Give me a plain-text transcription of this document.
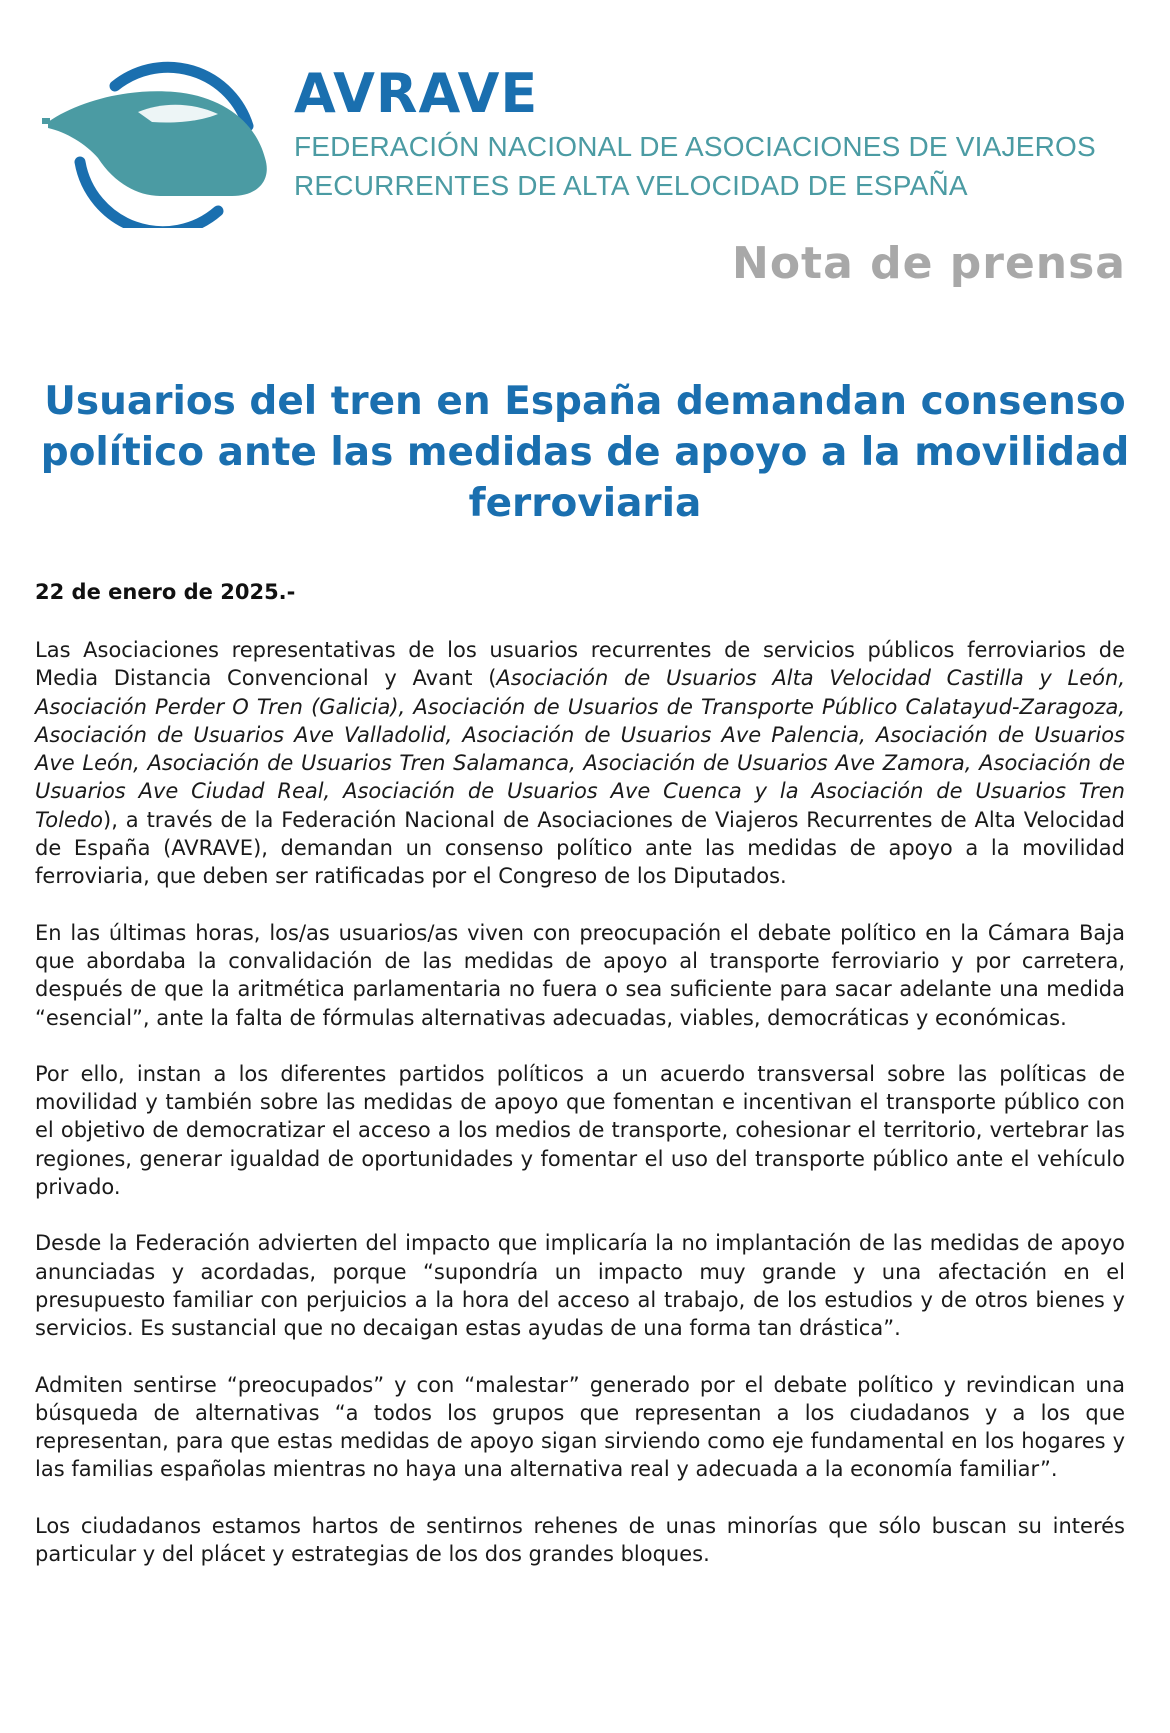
AVRAVE
FEDERACIÓN NACIONAL DE ASOCIACIONES DE VIAJEROS
RECURRENTES DE ALTA VELOCIDAD DE ESPAÑA
Nota de prensa
Usuarios del tren en España demandan consenso político ante las medidas de apoyo a la movilidad ferroviaria
22 de enero de 2025.-

Las Asociaciones representativas de los usuarios recurrentes de servicios públicos ferroviarios de Media Distancia Convencional y Avant (Asociación de Usuarios Alta Velocidad Castilla y León, Asociación Perder O Tren (Galicia), Asociación de Usuarios de Transporte Público Calatayud-Zaragoza, Asociación de Usuarios Ave Valladolid, Asociación de Usuarios Ave Palencia, Asociación de Usuarios Ave León, Asociación de Usuarios Tren Salamanca, Asociación de Usuarios Ave Zamora, Asociación de Usuarios Ave Ciudad Real, Asociación de Usuarios Ave Cuenca y la Asociación de Usuarios Tren Toledo), a través de la Federación Nacional de Asociaciones de Viajeros Recurrentes de Alta Velocidad de España (AVRAVE), demandan un consenso político ante las medidas de apoyo a la movilidad ferroviaria, que deben ser ratificadas por el Congreso de los Diputados.

En las últimas horas, los/as usuarios/as viven con preocupación el debate político en la Cámara Baja que abordaba la convalidación de las medidas de apoyo al transporte ferroviario y por carretera, después de que la aritmética parlamentaria no fuera o sea suficiente para sacar adelante una medida “esencial”, ante la falta de fórmulas alternativas adecuadas, viables, democráticas y económicas.

Por ello, instan a los diferentes partidos políticos a un acuerdo transversal sobre las políticas de movilidad y también sobre las medidas de apoyo que fomentan e incentivan el transporte público con el objetivo de democratizar el acceso a los medios de transporte, cohesionar el territorio, vertebrar las regiones, generar igualdad de oportunidades y fomentar el uso del transporte público ante el vehículo privado.

Desde la Federación advierten del impacto que implicaría la no implantación de las medidas de apoyo anunciadas y acordadas, porque “supondría un impacto muy grande y una afectación en el presupuesto familiar con perjuicios a la hora del acceso al trabajo, de los estudios y de otros bienes y servicios. Es sustancial que no decaigan estas ayudas de una forma tan drástica”.

Admiten sentirse “preocupados” y con “malestar” generado por el debate político y revindican una búsqueda de alternativas “a todos los grupos que representan a los ciudadanos y a los que representan, para que estas medidas de apoyo sigan sirviendo como eje fundamental en los hogares y las familias españolas mientras no haya una alternativa real y adecuada a la economía familiar”.

Los ciudadanos estamos hartos de sentirnos rehenes de unas minorías que sólo buscan su interés particular y del plácet y estrategias de los dos grandes bloques.
